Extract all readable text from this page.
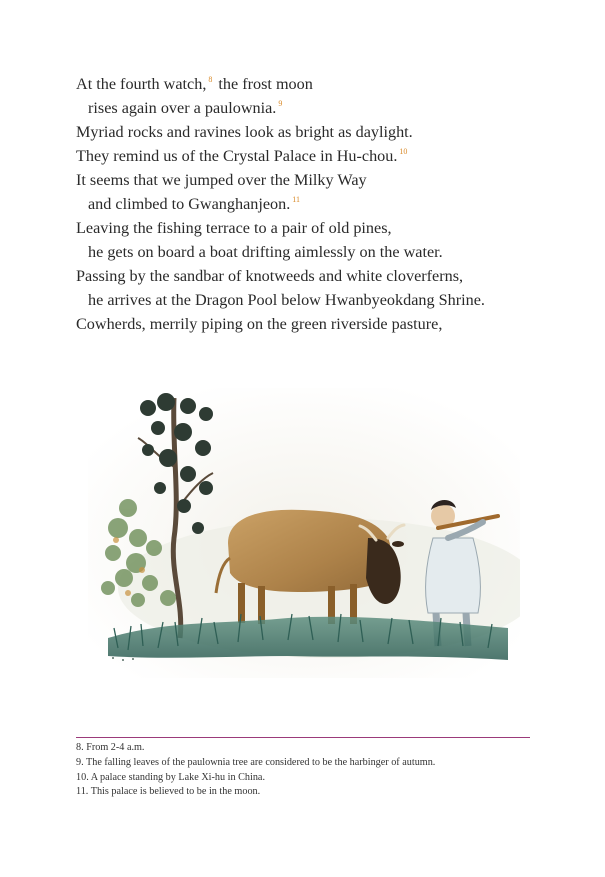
At the fourth watch, $^8$ the frost moon
rises again over a paulownia. $^9$
Myriad rocks and ravines look as bright as daylight.
They remind us of the Crystal Palace in Hu-chou. $^{10}$
It seems that we jumped over the Milky Way
and climbed to Gwanghanjeon. $^{11}$
Leaving the fishing terrace to a pair of old pines,
he gets on board a boat drifting aimlessly on the water.
Passing by the sandbar of knotweeds and white cloverferns,
he arrives at the Dragon Pool below Hwanbyeokdang Shrine.
Cowherds, merrily piping on the green riverside pasture,
8. From 2-4 a.m.
9. The falling leaves of the paulownia tree are considered to be the harbinger of autumn.
10. A palace standing by Lake Xi-hu in China.
11. This palace is believed to be in the moon.
